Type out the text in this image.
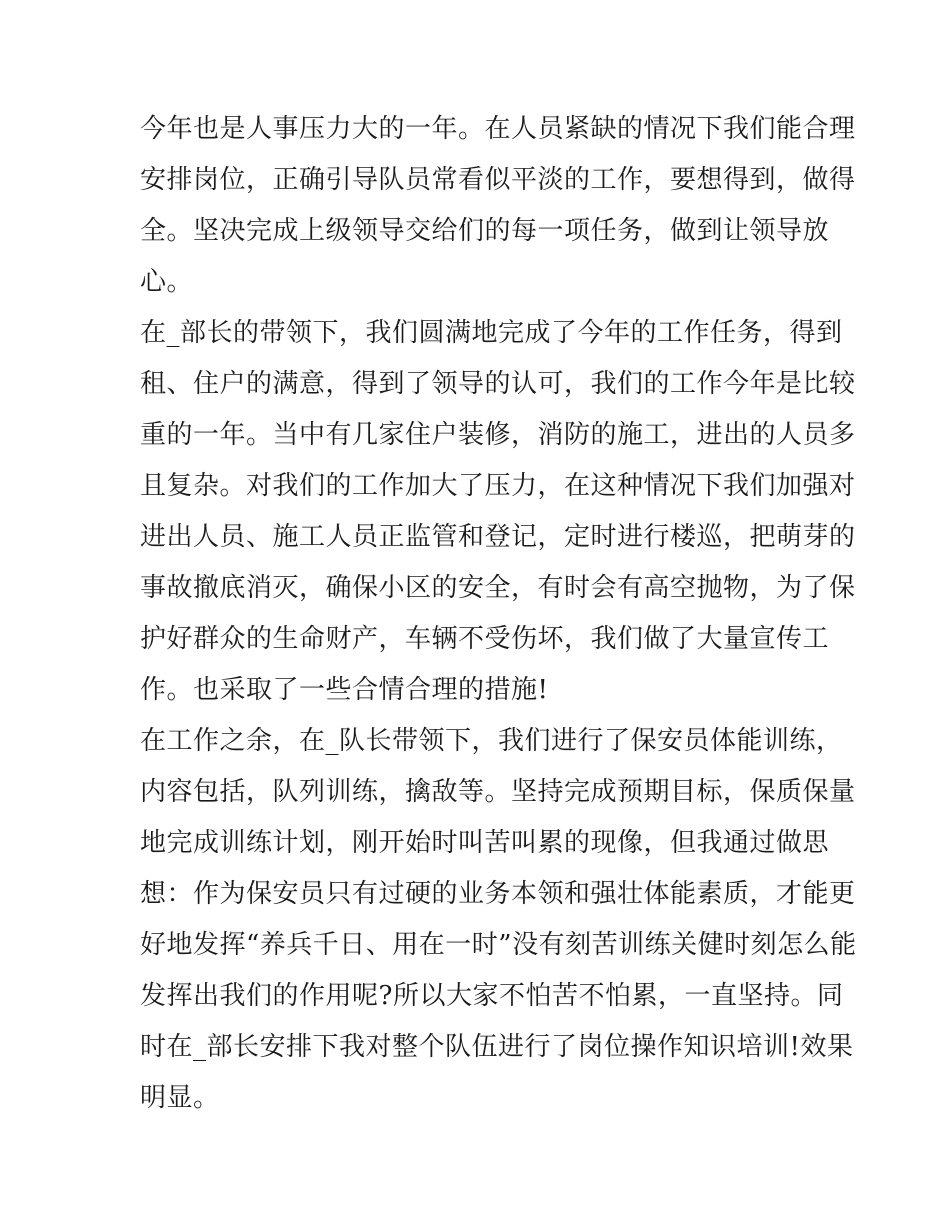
今年也是人事压力大的一年。在人员紧缺的情况下我们能合理
安排岗位，正确引导队员常看似平淡的工作，要想得到，做得
全。坚决完成上级领导交给们的每一项任务，做到让领导放
心。
在_部长的带领下，我们圆满地完成了今年的工作任务，得到
租、住户的满意，得到了领导的认可，我们的工作今年是比较
重的一年。当中有几家住户装修，消防的施工，进出的人员多
且复杂。对我们的工作加大了压力，在这种情况下我们加强对
进出人员、施工人员正监管和登记，定时进行楼巡，把萌芽的
事故撤底消灭，确保小区的安全，有时会有高空抛物，为了保
护好群众的生命财产，车辆不受伤坏，我们做了大量宣传工
作。也采取了一些合情合理的措施!
在工作之余，在_队长带领下，我们进行了保安员体能训练，
内容包括，队列训练，擒敌等。坚持完成预期目标，保质保量
地完成训练计划，刚开始时叫苦叫累的现像，但我通过做思
想：作为保安员只有过硬的业务本领和强壮体能素质，才能更
好地发挥“养兵千日、用在一时”没有刻苦训练关健时刻怎么能
发挥出我们的作用呢?所以大家不怕苦不怕累，一直坚持。同
时在_部长安排下我对整个队伍进行了岗位操作知识培训!效果
明显。
